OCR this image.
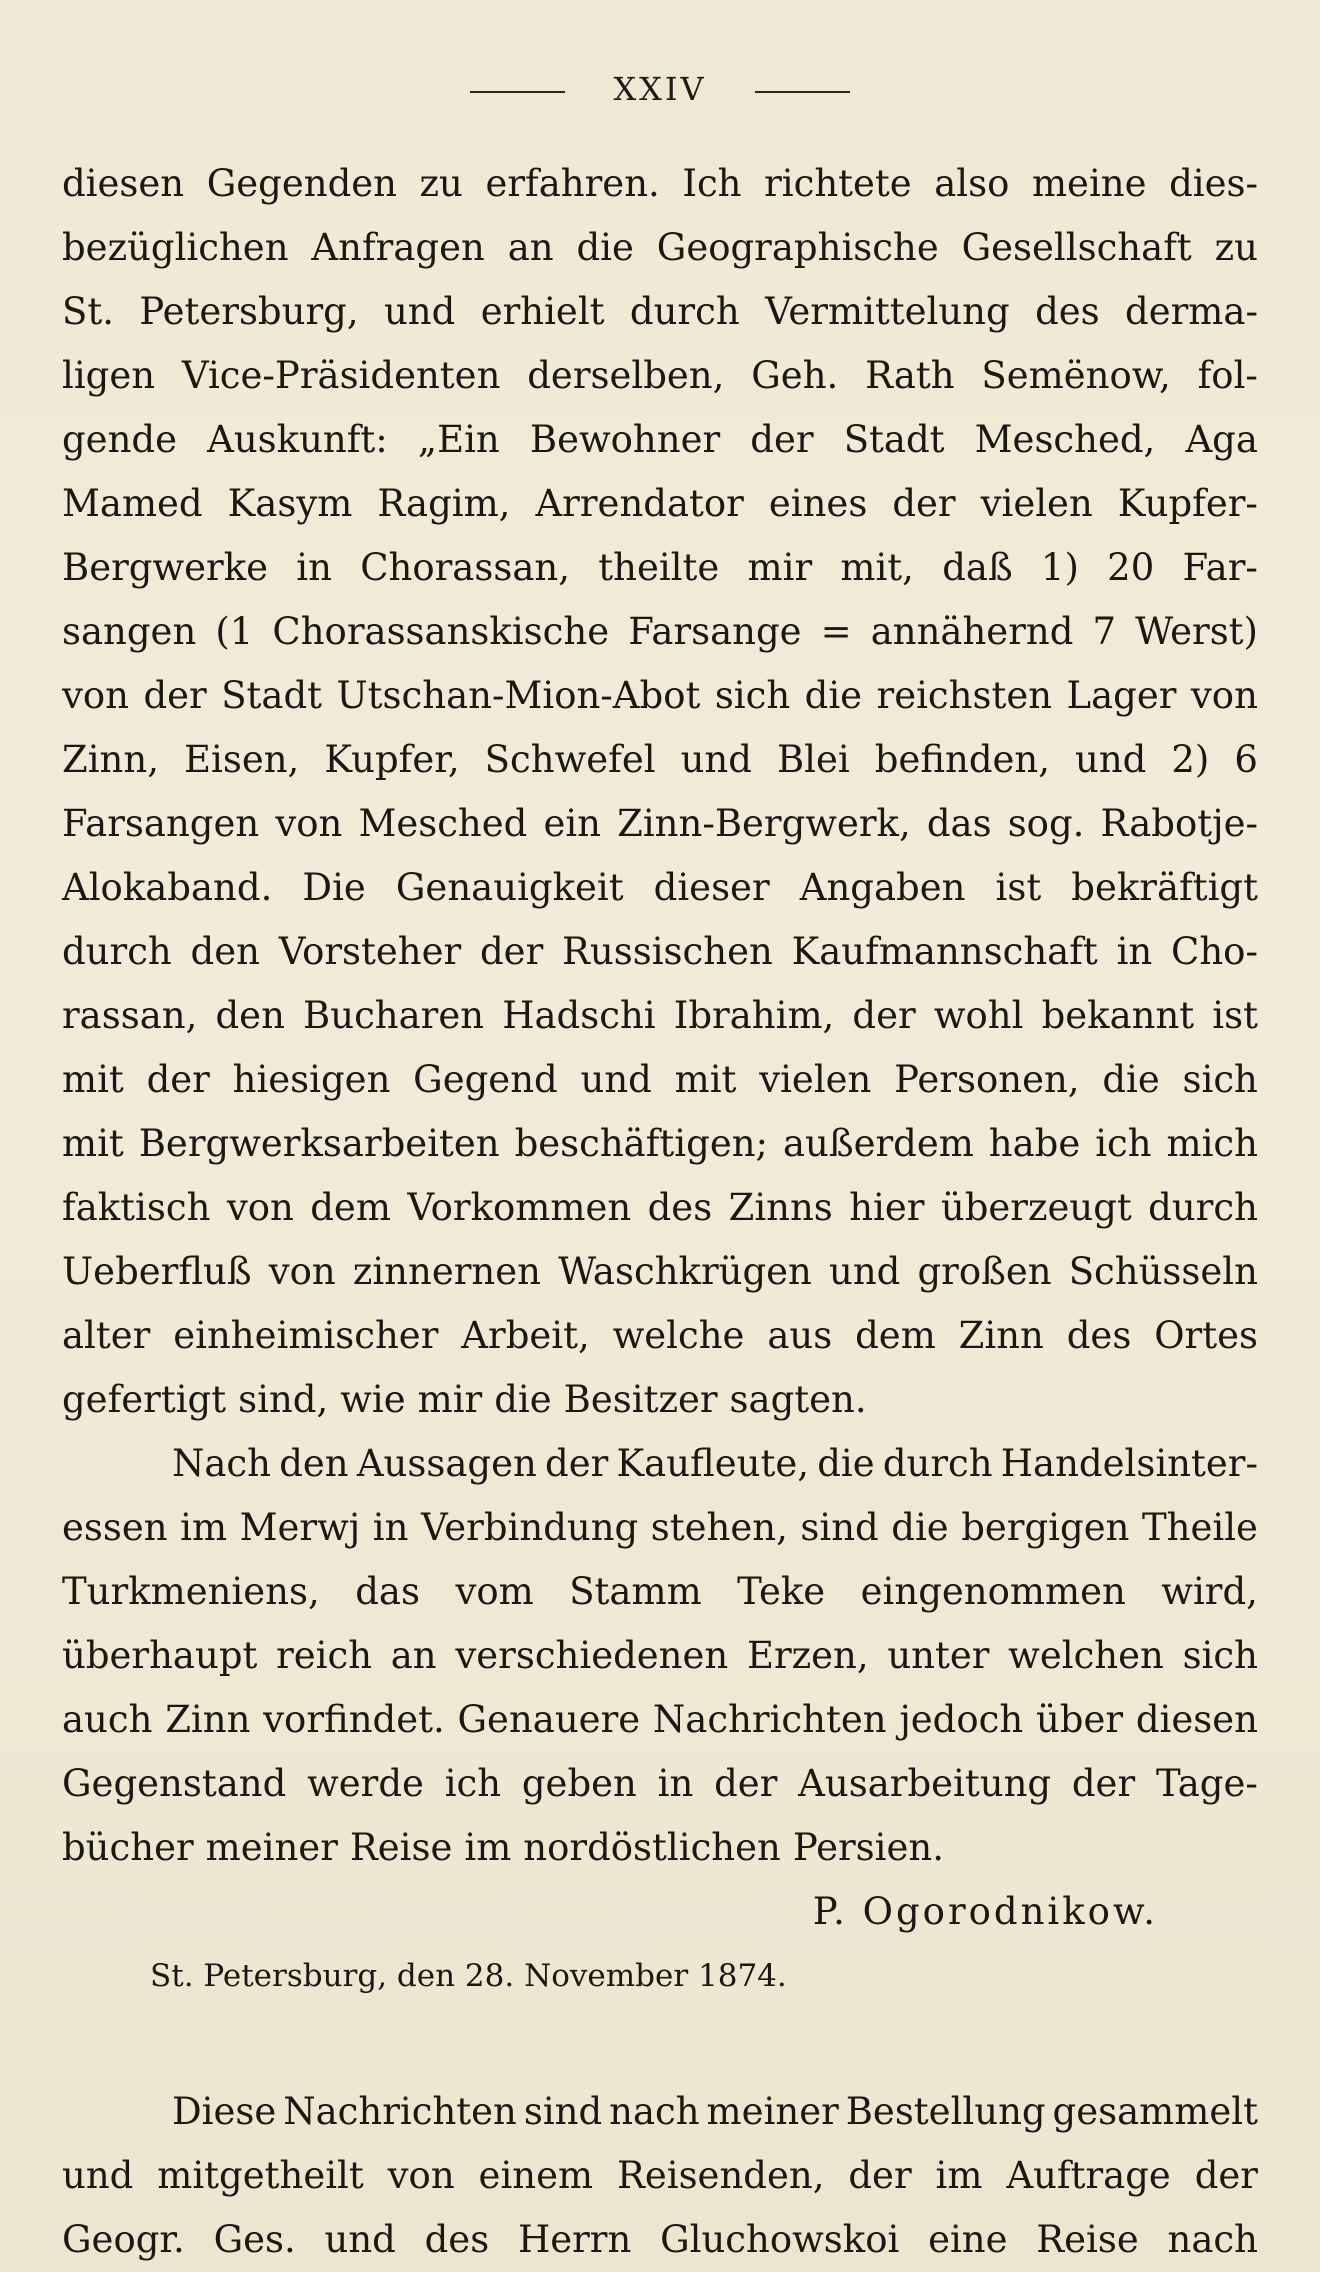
XXIV
diesen Gegenden zu erfahren. Ich richtete also meine dies-
bezüglichen Anfragen an die Geographische Gesellschaft zu
St. Petersburg, und erhielt durch Vermittelung des derma-
ligen Vice-Präsidenten derselben, Geh. Rath Semënow, fol-
gende Auskunft: „Ein Bewohner der Stadt Mesched, Aga
Mamed Kasym Ragim, Arrendator eines der vielen Kupfer-
Bergwerke in Chorassan, theilte mir mit, daß 1) 20 Far-
sangen (1 Chorassanskische Farsange = annähernd 7 Werst)
von der Stadt Utschan-Mion-Abot sich die reichsten Lager von
Zinn, Eisen, Kupfer, Schwefel und Blei befinden, und 2) 6
Farsangen von Mesched ein Zinn-Bergwerk, das sog. Rabotje-
Alokaband. Die Genauigkeit dieser Angaben ist bekräftigt
durch den Vorsteher der Russischen Kaufmannschaft in Cho-
rassan, den Bucharen Hadschi Ibrahim, der wohl bekannt ist
mit der hiesigen Gegend und mit vielen Personen, die sich
mit Bergwerksarbeiten beschäftigen; außerdem habe ich mich
faktisch von dem Vorkommen des Zinns hier überzeugt durch
Ueberfluß von zinnernen Waschkrügen und großen Schüsseln
alter einheimischer Arbeit, welche aus dem Zinn des Ortes
gefertigt sind, wie mir die Besitzer sagten.
Nach den Aussagen der Kaufleute, die durch Handelsinter-
essen im Merwj in Verbindung stehen, sind die bergigen Theile
Turkmeniens, das vom Stamm Teke eingenommen wird,
überhaupt reich an verschiedenen Erzen, unter welchen sich
auch Zinn vorfindet. Genauere Nachrichten jedoch über diesen
Gegenstand werde ich geben in der Ausarbeitung der Tage-
bücher meiner Reise im nordöstlichen Persien.
P. Ogorodnikow.
St. Petersburg, den 28. November 1874.
Diese Nachrichten sind nach meiner Bestellung gesammelt
und mitgetheilt von einem Reisenden, der im Auftrage der
Geogr. Ges. und des Herrn Gluchowskoi eine Reise nach
